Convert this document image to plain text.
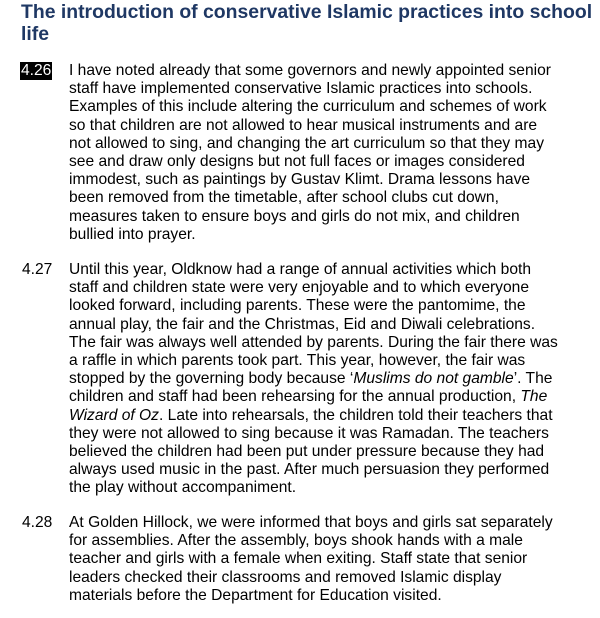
The introduction of conservative Islamic practices into school
life
4.26 I have noted already that some governors and newly appointed senior
staff have implemented conservative Islamic practices into schools.
Examples of this include altering the curriculum and schemes of work
so that children are not allowed to hear musical instruments and are
not allowed to sing, and changing the art curriculum so that they may
see and draw only designs but not full faces or images considered
immodest, such as paintings by Gustav Klimt. Drama lessons have
been removed from the timetable, after school clubs cut down,
measures taken to ensure boys and girls do not mix, and children
bullied into prayer.
4.27 Until this year, Oldknow had a range of annual activities which both
staff and children state were very enjoyable and to which everyone
looked forward, including parents. These were the pantomime, the
annual play, the fair and the Christmas, Eid and Diwali celebrations.
The fair was always well attended by parents. During the fair there was
a raffle in which parents took part. This year, however, the fair was
stopped by the governing body because ‘Muslims do not gamble’. The
children and staff had been rehearsing for the annual production, The
Wizard of Oz. Late into rehearsals, the children told their teachers that
they were not allowed to sing because it was Ramadan. The teachers
believed the children had been put under pressure because they had
always used music in the past. After much persuasion they performed
the play without accompaniment.
4.28 At Golden Hillock, we were informed that boys and girls sat separately
for assemblies. After the assembly, boys shook hands with a male
teacher and girls with a female when exiting. Staff state that senior
leaders checked their classrooms and removed Islamic display
materials before the Department for Education visited.
